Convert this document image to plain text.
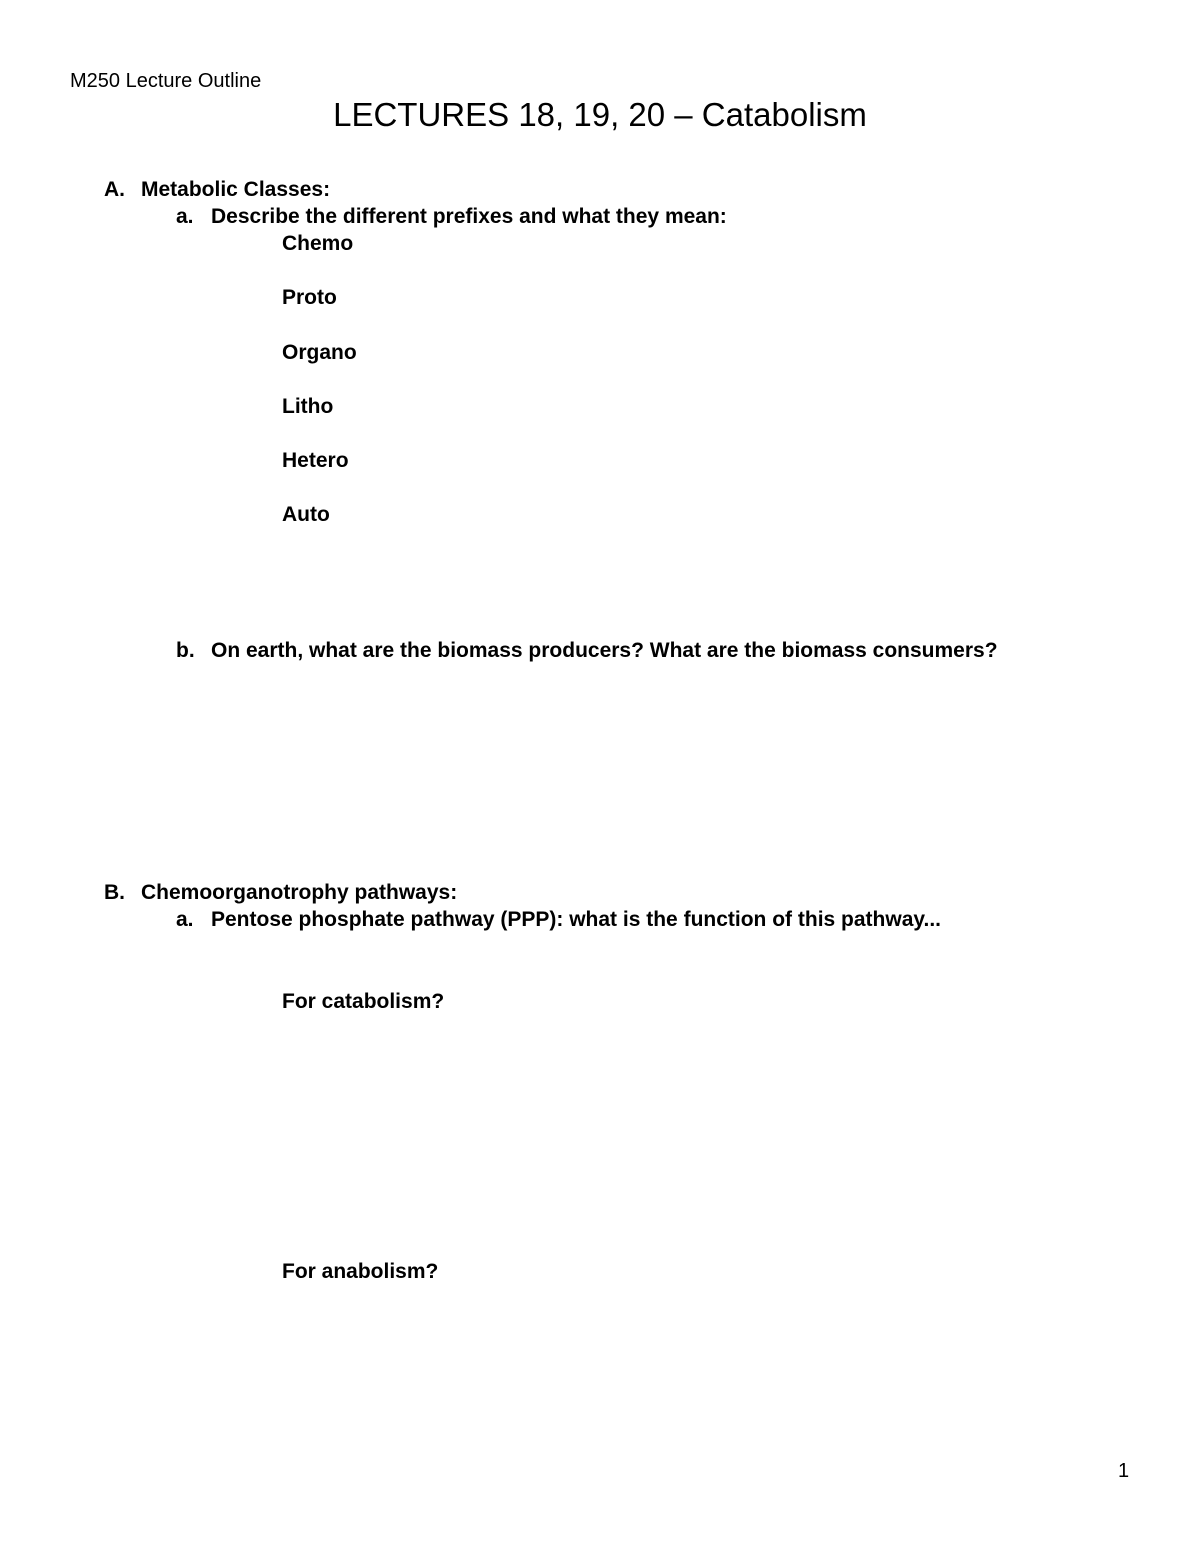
M250 Lecture Outline
LECTURES 18, 19, 20 – Catabolism
A. Metabolic Classes:
a. Describe the different prefixes and what they mean:
Chemo
Proto
Organo
Litho
Hetero
Auto
b. On earth, what are the biomass producers? What are the biomass consumers?
B. Chemoorganotrophy pathways:
a. Pentose phosphate pathway (PPP): what is the function of this pathway...
For catabolism?
For anabolism?
1
